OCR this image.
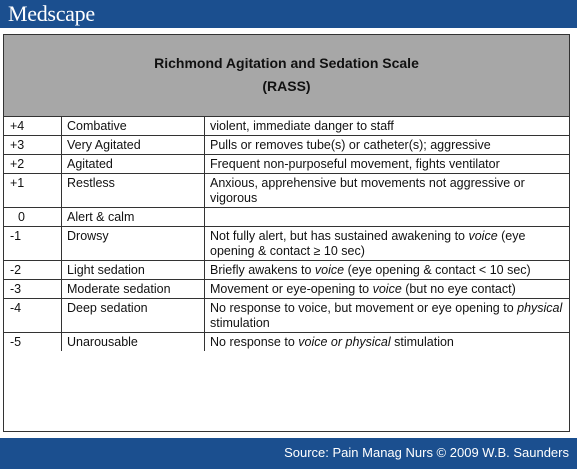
Medscape
Richmond Agitation and Sedation Scale
(RASS)
+4	Combative	violent, immediate danger to staff
+3	Very Agitated	Pulls or removes tube(s) or catheter(s); aggressive
+2	Agitated	Frequent non-purposeful movement, fights ventilator
+1	Restless	Anxious, apprehensive but movements not aggressive or vigorous
0	Alert & calm	
-1	Drowsy	Not fully alert, but has sustained awakening to voice (eye opening & contact ≥ 10 sec)
-2	Light sedation	Briefly awakens to voice (eye opening & contact < 10 sec)
-3	Moderate sedation	Movement or eye-opening to voice (but no eye contact)
-4	Deep sedation	No response to voice, but movement or eye opening to physical stimulation
-5	Unarousable	No response to voice or physical stimulation
Source: Pain Manag Nurs © 2009 W.B. Saunders
